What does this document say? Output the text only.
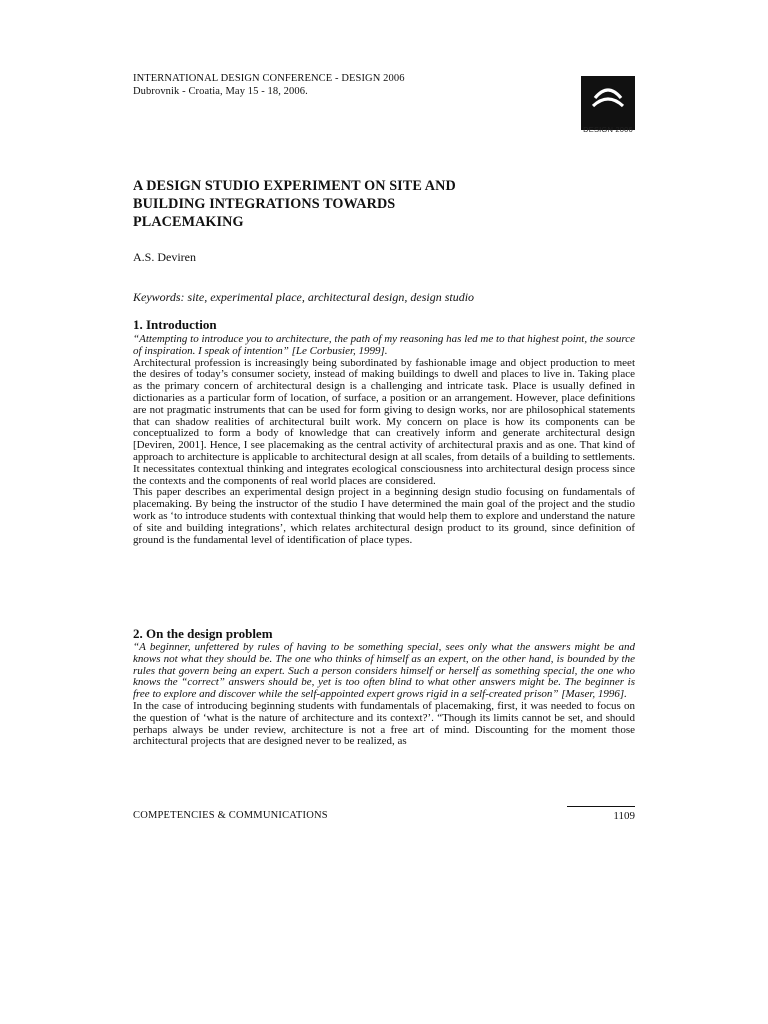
INTERNATIONAL DESIGN CONFERENCE - DESIGN 2006
Dubrovnik - Croatia, May 15 - 18, 2006.
DESIGN 2006
A DESIGN STUDIO EXPERIMENT ON SITE AND
BUILDING INTEGRATIONS TOWARDS
PLACEMAKING
A.S. Deviren
Keywords: site, experimental place, architectural design, design studio
1. Introduction

“Attempting to introduce you to architecture, the path of my reasoning has led me to that highest point, the source of inspiration. I speak of intention” [Le Corbusier, 1999].

Architectural profession is increasingly being subordinated by fashionable image and object production to meet the desires of today’s consumer society, instead of making buildings to dwell and places to live in. Taking place as the primary concern of architectural design is a challenging and intricate task. Place is usually defined in dictionaries as a particular form of location, of surface, a position or an arrangement. However, place definitions are not pragmatic instruments that can be used for form giving to design works, nor are philosophical statements that can shadow realities of architectural built work. My concern on place is how its components can be conceptualized to form a body of knowledge that can creatively inform and generate architectural design [Deviren, 2001]. Hence, I see placemaking as the central activity of architectural praxis and as one. That kind of approach to architecture is applicable to architectural design at all scales, from details of a building to settlements. It necessitates contextual thinking and integrates ecological consciousness into architectural design process since the contexts and the components of real world places are considered.

This paper describes an experimental design project in a beginning design studio focusing on fundamentals of placemaking. By being the instructor of the studio I have determined the main goal of the project and the studio work as ‘to introduce students with contextual thinking that would help them to explore and understand the nature of site and building integrations’, which relates architectural design product to its ground, since definition of ground is the fundamental level of identification of place types.

2. On the design problem

“A beginner, unfettered by rules of having to be something special, sees only what the answers might be and knows not what they should be. The one who thinks of himself as an expert, on the other hand, is bounded by the rules that govern being an expert. Such a person considers himself or herself as something special, the one who knows the “correct” answers should be, yet is too often blind to what other answers might be. The beginner is free to explore and discover while the self-appointed expert grows rigid in a self-created prison” [Maser, 1996].

In the case of introducing beginning students with fundamentals of placemaking, first, it was needed to focus on the question of ‘what is the nature of architecture and its context?’. “Though its limits cannot be set, and should perhaps always be under review, architecture is not a free art of mind. Discounting for the moment those architectural projects that are designed never to be realized, as

COMPETENCIES & COMMUNICATIONS	1109
